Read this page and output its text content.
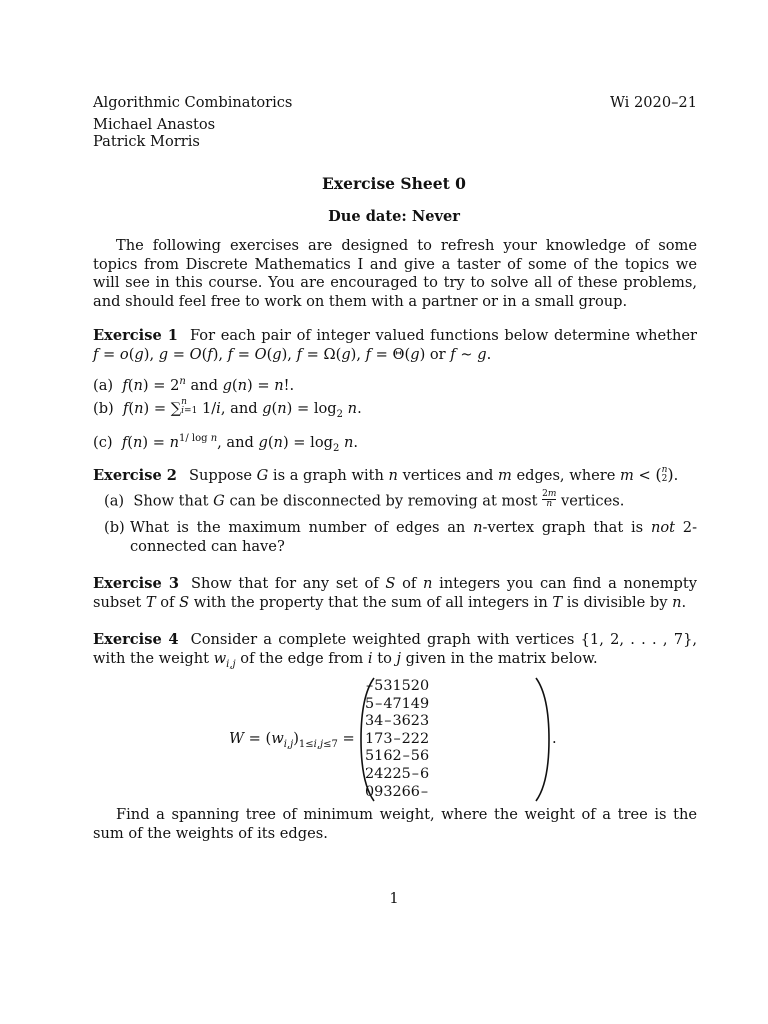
Algorithmic Combinatorics	Wi 2020–21
Michael Anastos
Patrick Morris
Exercise Sheet 0
Due date: Never
The following exercises are designed to refresh your knowledge of some topics from Discrete Mathematics I and give a taster of some of the topics we will see in this course. You are encouraged to try to solve all of these problems, and should feel free to work on them with a partner or in a small group.
Exercise 1 For each pair of integer valued functions below determine whether f = o(g), g = O(f), f = O(g), f = Ω(g), f = Θ(g) or f ∼ g.
(a) $f(n) = 2^n$ and g(n) = n!.
(b) f(n) = ∑n
i=1 1/i, and $g(n) = \log_2 n$.
(c) $f(n) = n^{1/ log n}$, and $g(n) = \log_2 n$.
Exercise 2 Suppose G is a graph with n vertices and m edges, where m < (n
2).
(a)  Show that G can be disconnected by removing at most $\frac{2m}{n}$ vertices.
(b) What is the maximum number of edges an n-vertex graph that is not 2-connected can have?
Exercise 3 Show that for any set of S of n integers you can find a nonempty subset T of S with the property that the sum of all integers in T is divisible by n.
Exercise 4 Consider a complete weighted graph with vertices {1, 2, . . . , 7}, with the weight $w_{i,j}$ of the edge from i to j given in the matrix below.
$W = (w_{i,j})_{1\le i,j\le 7}$ =	.
–	5	3	1	5	2	0
5	–	4	7	1	4	9
3	4	–	3	6	2	3
1	7	3	–	2	2	2
5	1	6	2	–	5	6
2	4	2	2	5	–	6
0	9	3	2	6	6	–
Find a spanning tree of minimum weight, where the weight of a tree is the sum of the weights of its edges.
1
